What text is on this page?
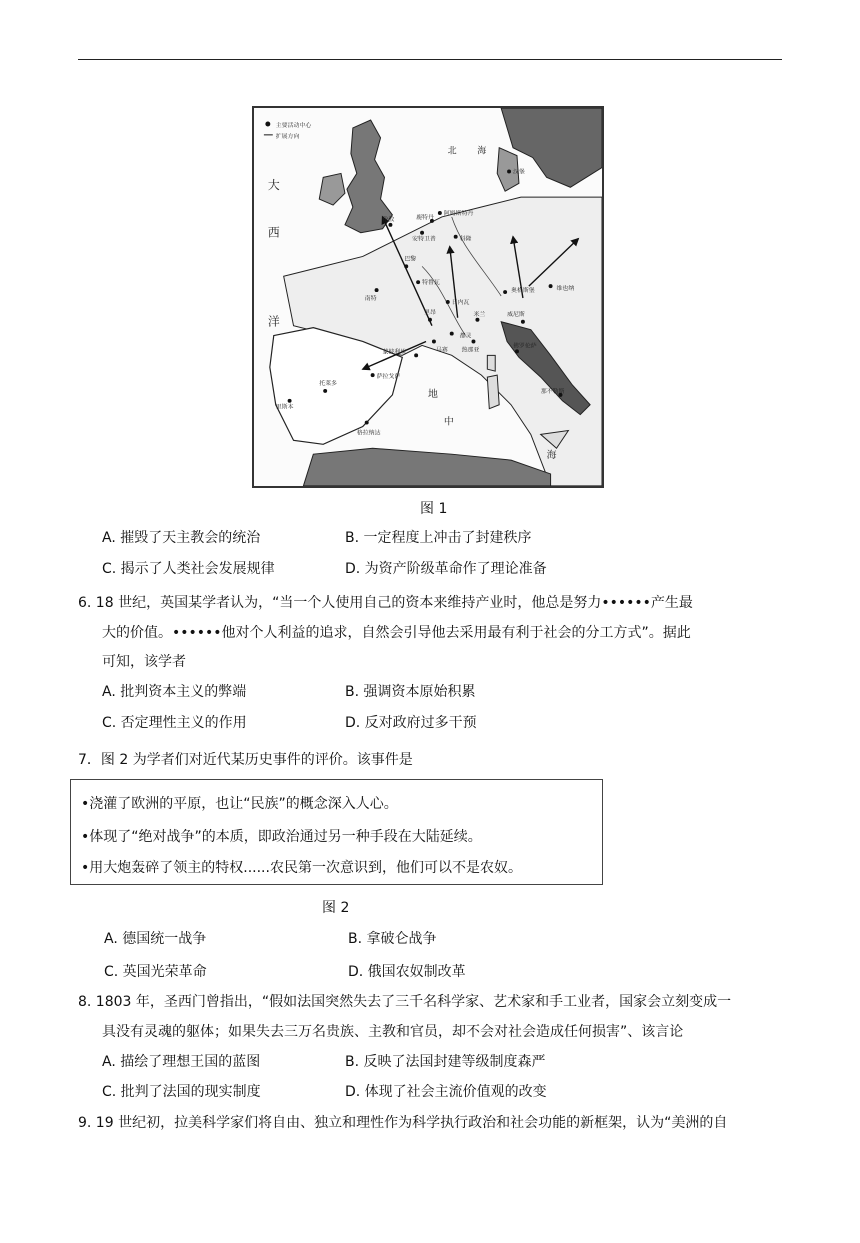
主要活动中心
扩展方向
大
西
洋
北 海
地
中
海
伦敦	鹿特丹
阿姆斯特丹
安特卫普	科隆
巴黎
汉堡
特鲁瓦
里昂
南特
日内瓦
米兰	威尼斯
都灵
热那亚
佛罗伦萨
奥格斯堡	维也纳
马赛
蒙彼利埃
萨拉戈萨
托莱多
里斯本
格拉纳达
那不勒斯
图 1
A. 摧毁了天主教会的统治	B. 一定程度上冲击了封建秩序
C. 揭示了人类社会发展规律	D. 为资产阶级革命作了理论准备
6. 18 世纪，英国某学者认为，“当一个人使用自己的资本来维持产业时，他总是努力••••••产生最
大的价值。••••••他对个人利益的追求，自然会引导他去采用最有利于社会的分工方式”。据此
可知，该学者
A. 批判资本主义的弊端	B. 强调资本原始积累
C. 否定理性主义的作用	D. 反对政府过多干预
7．图 2 为学者们对近代某历史事件的评价。该事件是
•浇灌了欧洲的平原，也让“民族”的概念深入人心。
•体现了“绝对战争”的本质，即政治通过另一种手段在大陆延续。
•用大炮轰碎了领主的特权......农民第一次意识到，他们可以不是农奴。
图 2
A. 德国统一战争	B. 拿破仑战争
C. 英国光荣革命	D. 俄国农奴制改革
8. 1803 年，圣西门曾指出，“假如法国突然失去了三千名科学家、艺术家和手工业者，国家会立刻变成一
具没有灵魂的躯体；如果失去三万名贵族、主教和官员，却不会对社会造成任何损害”、该言论
A. 描绘了理想王国的蓝图	B. 反映了法国封建等级制度森严
C. 批判了法国的现实制度	D. 体现了社会主流价值观的改变
9. 19 世纪初，拉美科学家们将自由、独立和理性作为科学执行政治和社会功能的新框架，认为“美洲的自
